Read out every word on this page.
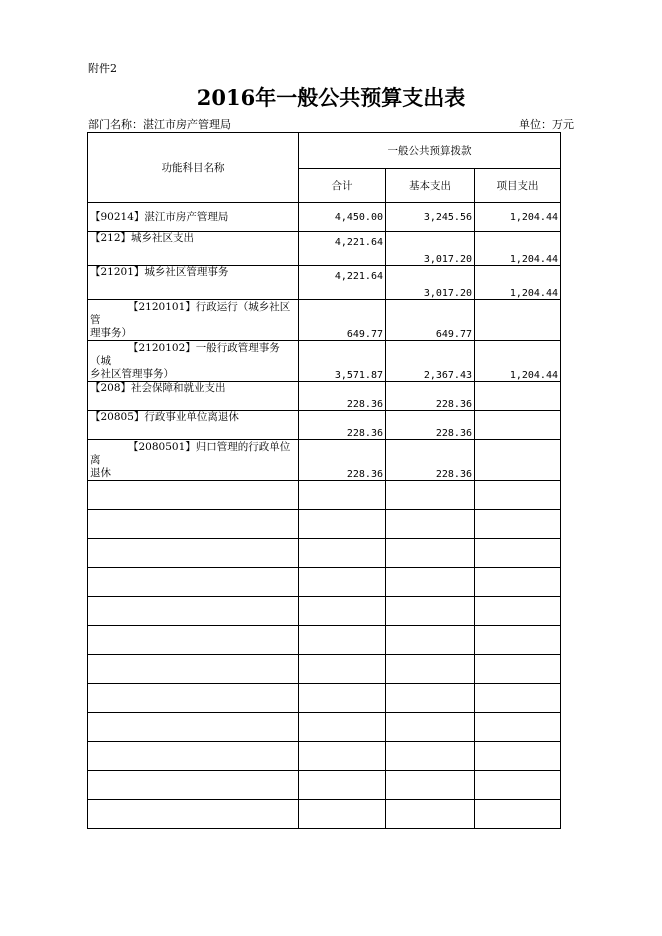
附件2
2016年一般公共预算支出表
部门名称：湛江市房产管理局	单位：万元
功能科目名称	一般公共预算拨款		
	合计	基本支出	项目支出
【90214】湛江市房产管理局	4,450.00	3,245.56	1,204.44
【212】城乡社区支出	4,221.64	3,017.20	1,204.44
【21201】城乡社区管理事务	4,221.64	3,017.20	1,204.44
【2120101】行政运行（城乡社区管
理事务）	649.77	649.77	
【2120102】一般行政管理事务（城
乡社区管理事务）	3,571.87	2,367.43	1,204.44
【208】社会保障和就业支出	228.36	228.36	
【20805】行政事业单位离退休	228.36	228.36	
【2080501】归口管理的行政单位离
退休	228.36	228.36	
